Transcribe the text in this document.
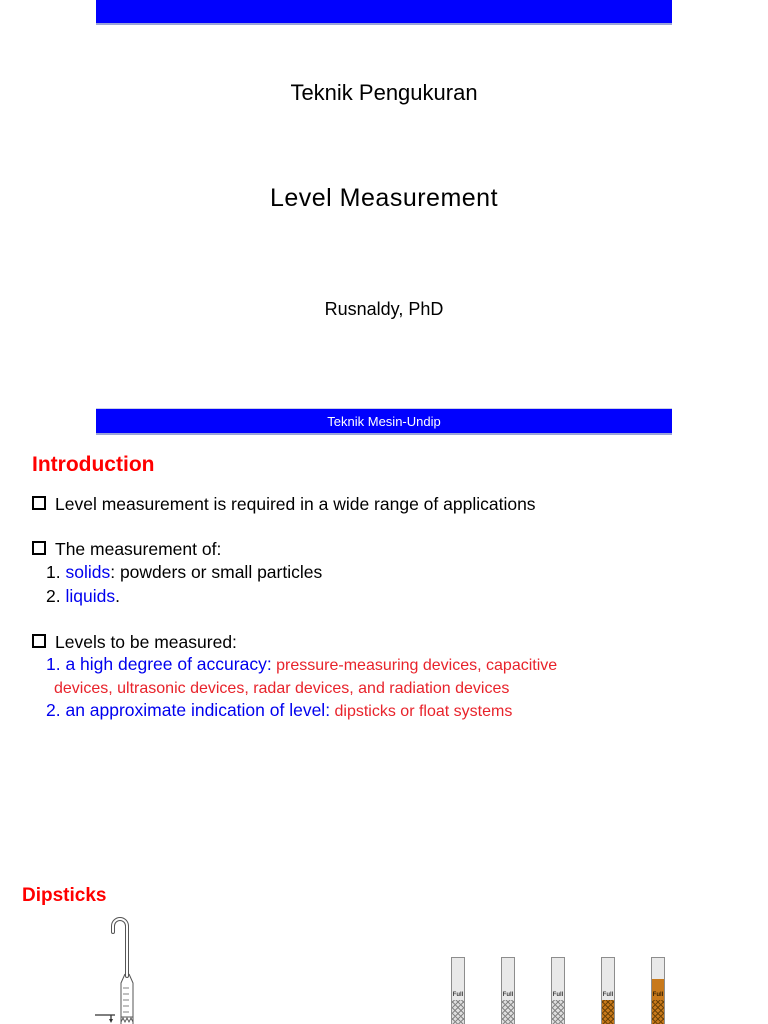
Teknik Pengukuran
Level Measurement
Rusnaldy, PhD
Teknik Mesin-Undip
Introduction
Level measurement is required in a wide range of applications
The measurement of:
1. solids: powders or small particles
2. liquids.
Levels to be measured:
1. a high degree of accuracy: pressure-measuring devices, capacitive
devices, ultrasonic devices, radar devices, and radiation devices
2. an approximate indication of level: dipsticks or float systems
Dipsticks
Full	Full	Full	Full	Full
